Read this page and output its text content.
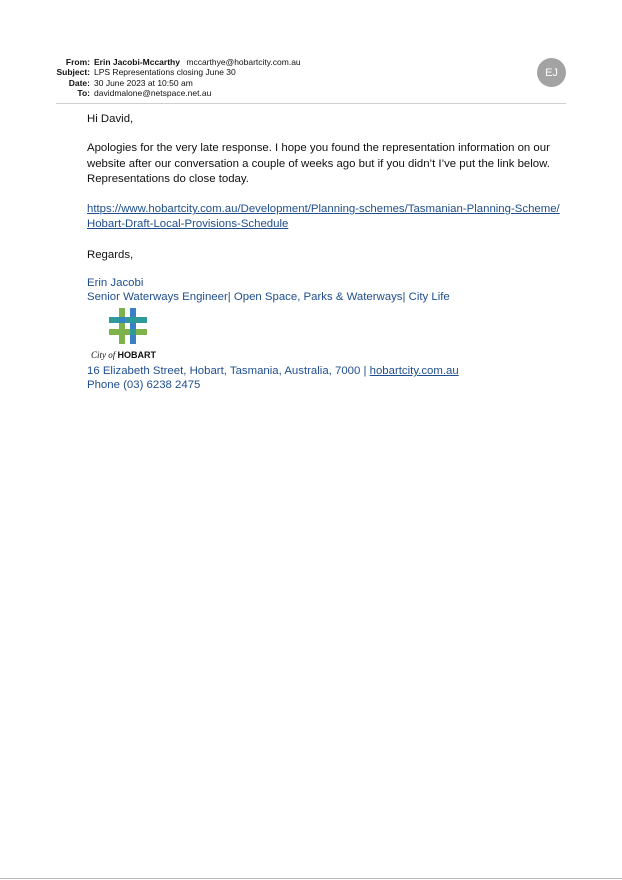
From: Erin Jacobi-Mccarthy mccarthye@hobartcity.com.au
Subject: LPS Representations closing June 30
Date: 30 June 2023 at 10:50 am
To: davidmalone@netspace.net.au
EJ

Hi David,

Apologies for the very late response. I hope you found the representation information on our website after our conversation a couple of weeks ago but if you didn’t I’ve put the link below. Representations do close today.

https://www.hobartcity.com.au/Development/Planning-schemes/Tasmanian-Planning-Scheme/Hobart-Draft-Local-Provisions-Schedule

Regards,

Erin Jacobi
Senior Waterways Engineer| Open Space, Parks & Waterways| City Life
City of HOBART
16 Elizabeth Street, Hobart, Tasmania, Australia, 7000 | hobartcity.com.au
Phone (03) 6238 2475
